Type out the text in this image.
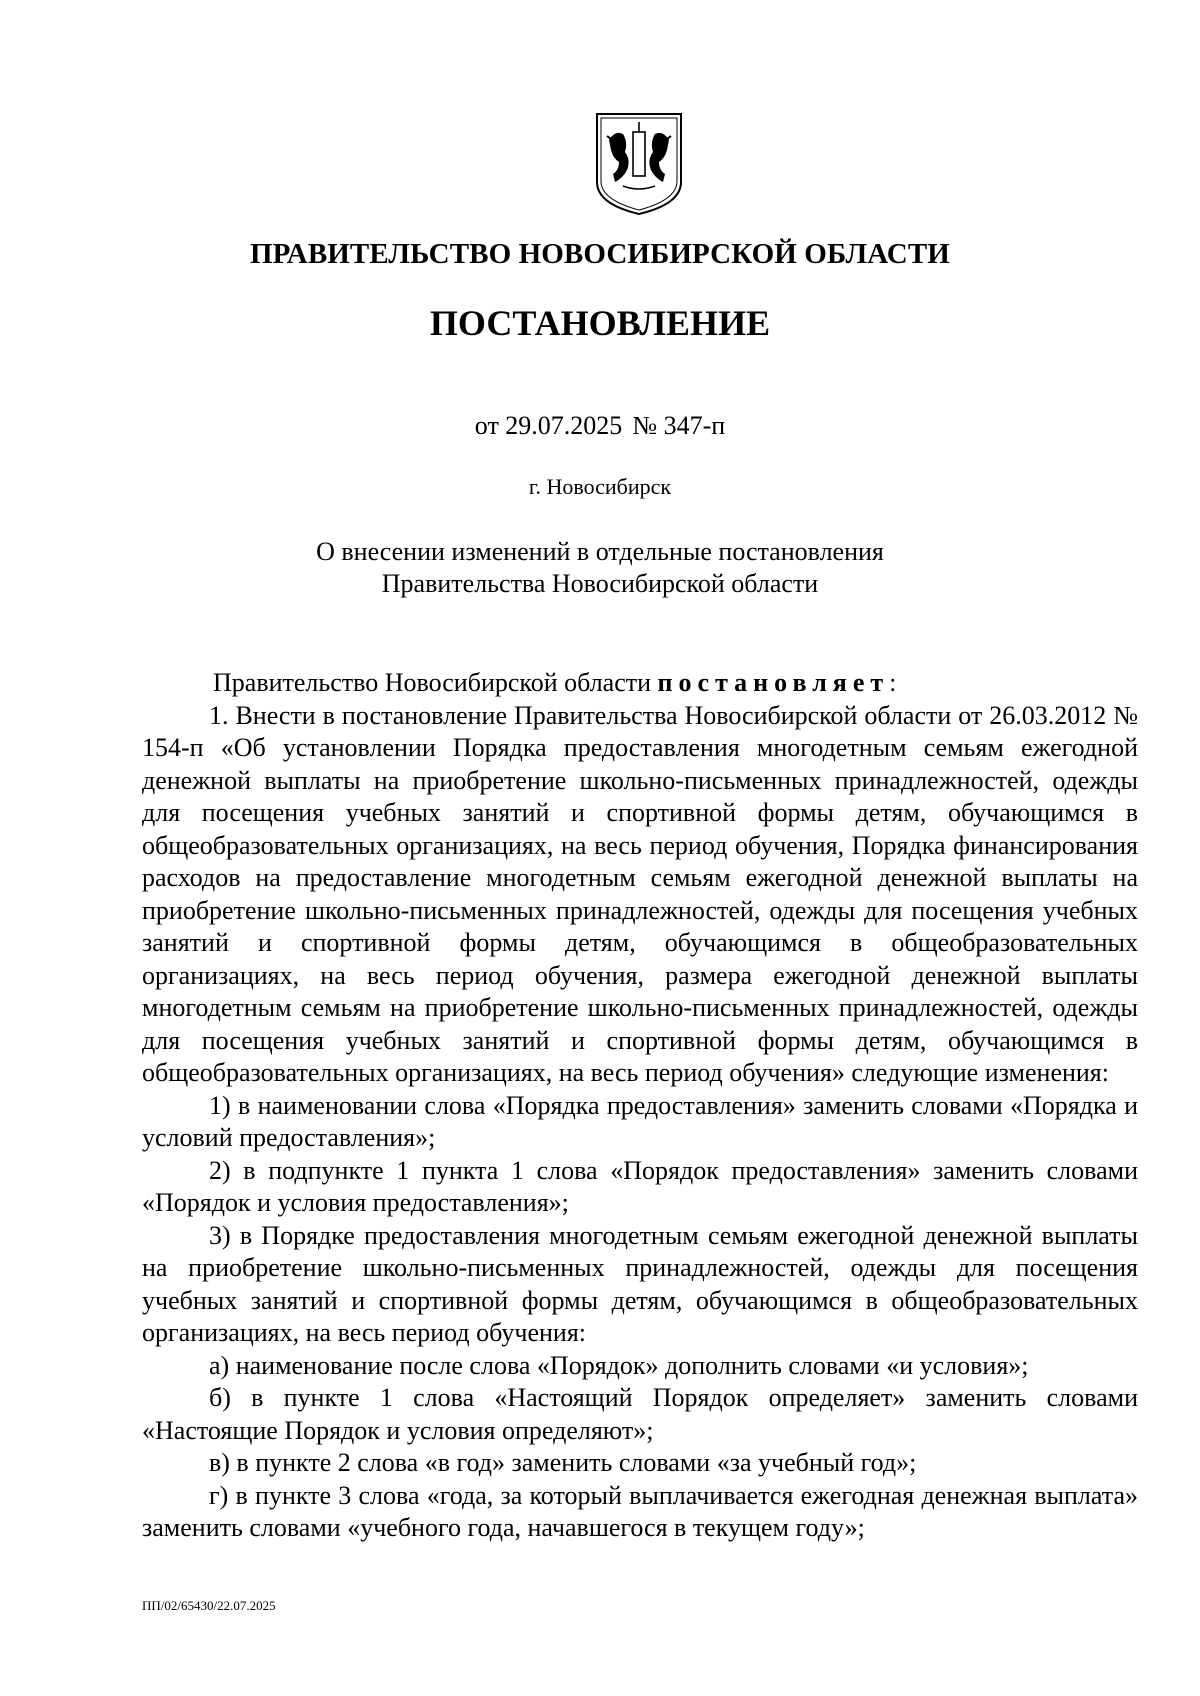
ПРАВИТЕЛЬСТВО НОВОСИБИРСКОЙ ОБЛАСТИ
ПОСТАНОВЛЕНИЕ
от 29.07.2025 № 347-п
г. Новосибирск
О внесении изменений в отдельные постановления
Правительства Новосибирской области

Правительство Новосибирской области постановляет:

1. Внести в постановление Правительства Новосибирской области от 26.03.2012 № 154-п «Об установлении Порядка предоставления многодетным семьям ежегодной денежной выплаты на приобретение школьно-письменных принадлежностей, одежды для посещения учебных занятий и спортивной формы детям, обучающимся в общеобразовательных организациях, на весь период обучения, Порядка финансирования расходов на предоставление многодетным семьям ежегодной денежной выплаты на приобретение школьно-письменных принадлежностей, одежды для посещения учебных занятий и спортивной формы детям, обучающимся в общеобразовательных организациях, на весь период обучения, размера ежегодной денежной выплаты многодетным семьям на приобретение школьно-письменных принадлежностей, одежды для посещения учебных занятий и спортивной формы детям, обучающимся в общеобразовательных организациях, на весь период обучения» следующие изменения:

1) в наименовании слова «Порядка предоставления» заменить словами «Порядка и условий предоставления»;

2) в подпункте 1 пункта 1 слова «Порядок предоставления» заменить словами «Порядок и условия предоставления»;

3) в Порядке предоставления многодетным семьям ежегодной денежной выплаты на приобретение школьно-письменных принадлежностей, одежды для посещения учебных занятий и спортивной формы детям, обучающимся в общеобразовательных организациях, на весь период обучения:

а) наименование после слова «Порядок» дополнить словами «и условия»;

б) в пункте 1 слова «Настоящий Порядок определяет» заменить словами «Настоящие Порядок и условия определяют»;

в) в пункте 2 слова «в год» заменить словами «за учебный год»;

г) в пункте 3 слова «года, за который выплачивается ежегодная денежная выплата» заменить словами «учебного года, начавшегося в текущем году»;

ПП/02/65430/22.07.2025
